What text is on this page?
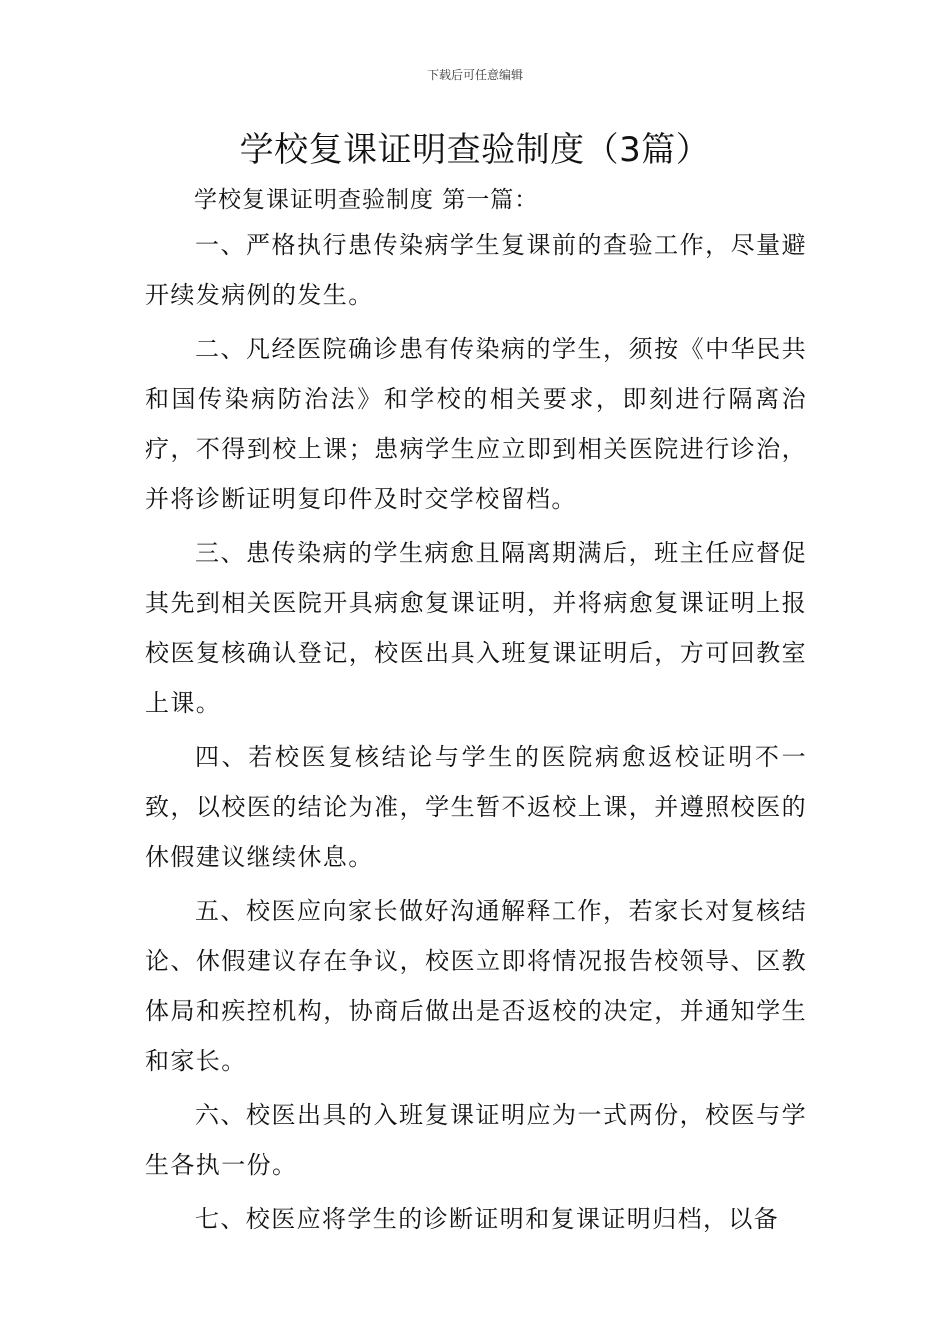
下载后可任意编辑
学校复课证明查验制度（3篇）

学校复课证明查验制度 第一篇：

一、严格执行患传染病学生复课前的查验工作，尽量避开续发病例的发生。

二、凡经医院确诊患有传染病的学生，须按《中华民共和国传染病防治法》和学校的相关要求，即刻进行隔离治疗，不得到校上课；患病学生应立即到相关医院进行诊治，并将诊断证明复印件及时交学校留档。

三、患传染病的学生病愈且隔离期满后，班主任应督促其先到相关医院开具病愈复课证明，并将病愈复课证明上报校医复核确认登记，校医出具入班复课证明后，方可回教室上课。

四、若校医复核结论与学生的医院病愈返校证明不一致，以校医的结论为准，学生暂不返校上课，并遵照校医的休假建议继续休息。

五、校医应向家长做好沟通解释工作，若家长对复核结论、休假建议存在争议，校医立即将情况报告校领导、区教体局和疾控机构，协商后做出是否返校的决定，并通知学生和家长。

六、校医出具的入班复课证明应为一式两份，校医与学生各执一份。

七、校医应将学生的诊断证明和复课证明归档，以备
